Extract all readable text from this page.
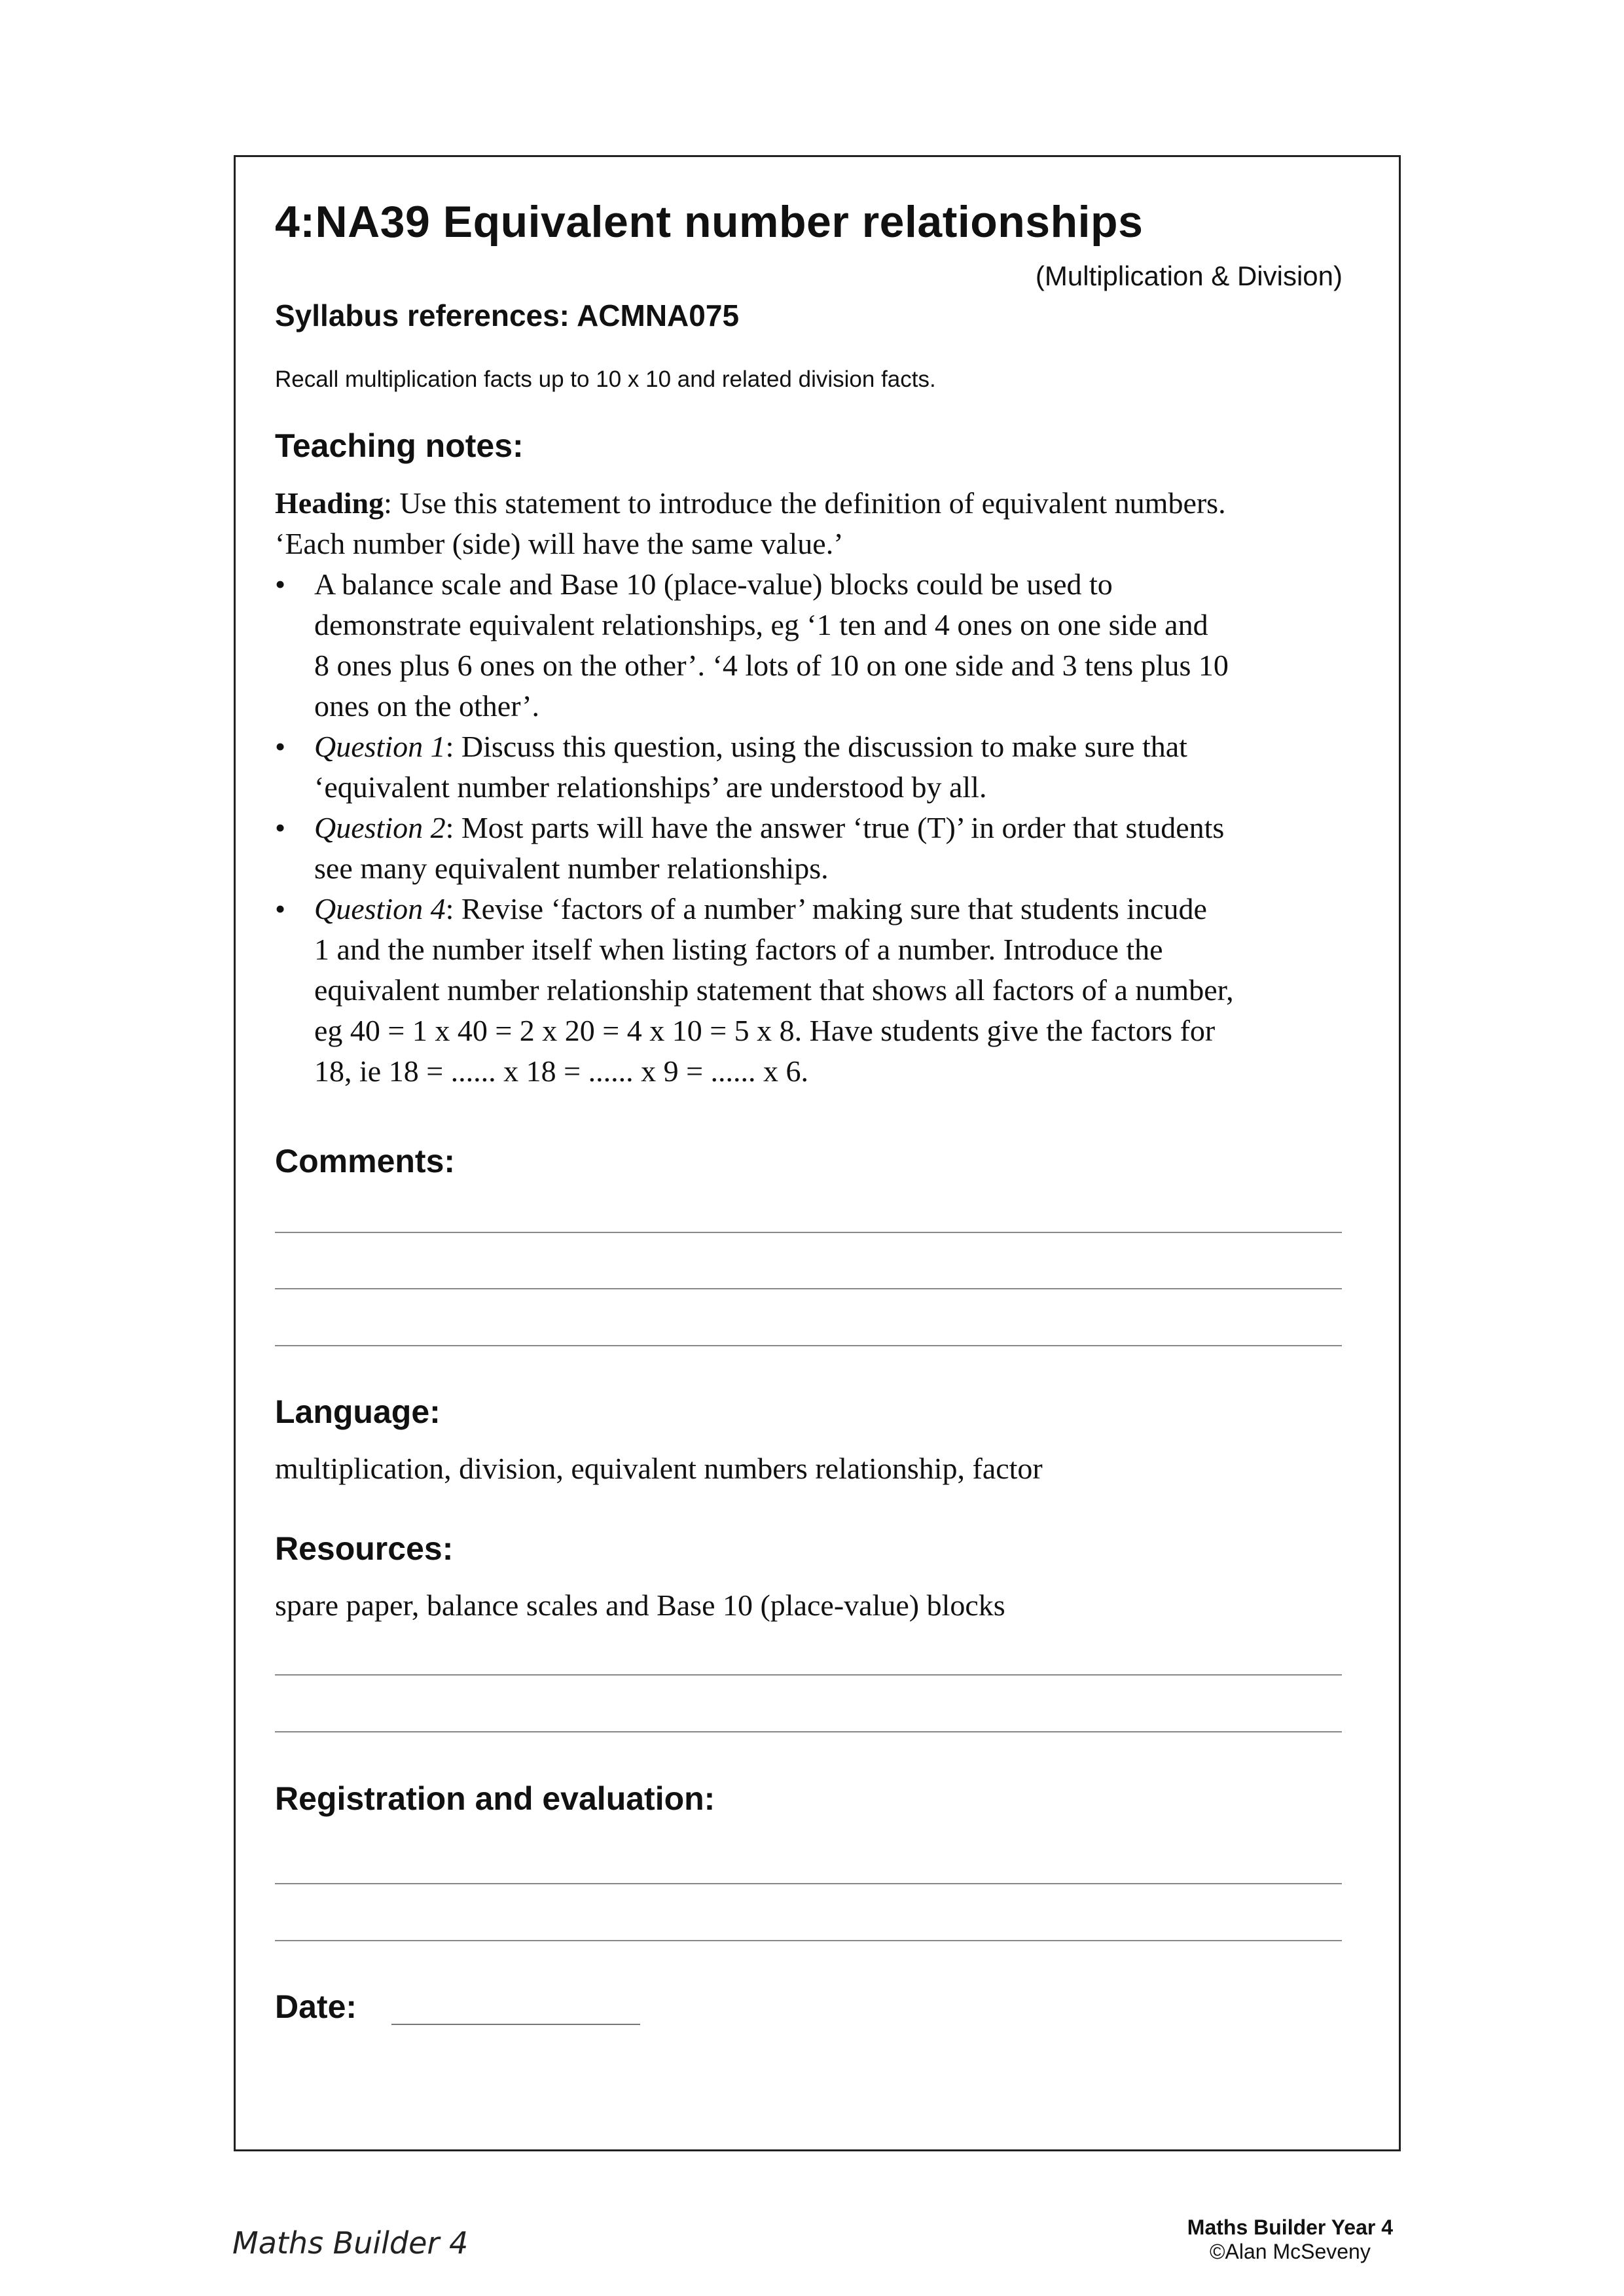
4:NA39 Equivalent number relationships
(Multiplication & Division)
Syllabus references: ACMNA075
Recall multiplication facts up to 10 x 10 and related division facts.
Teaching notes:

Heading: Use this statement to introduce the definition of equivalent numbers.

‘Each number (side) will have the same value.’

• A balance scale and Base 10 (place-value) blocks could be used to
demonstrate equivalent relationships, eg ‘1 ten and 4 ones on one side and
8 ones plus 6 ones on the other’. ‘4 lots of 10 on one side and 3 tens plus 10
ones on the other’.
• Question 1: Discuss this question, using the discussion to make sure that
‘equivalent number relationships’ are understood by all.
• Question 2: Most parts will have the answer ‘true (T)’ in order that students
see many equivalent number relationships.
• Question 4: Revise ‘factors of a number’ making sure that students incude
1 and the number itself when listing factors of a number. Introduce the
equivalent number relationship statement that shows all factors of a number,
eg 40 = 1 x 40 = 2 x 20 = 4 x 10 = 5 x 8. Have students give the factors for
18, ie 18 = ...... x 18 = ...... x 9 = ...... x 6.
Comments:
Language:
multiplication, division, equivalent numbers relationship, factor
Resources:
spare paper, balance scales and Base 10 (place-value) blocks
Registration and evaluation:
Date:
Maths Builder 4	Maths Builder Year 4
©Alan McSeveny
